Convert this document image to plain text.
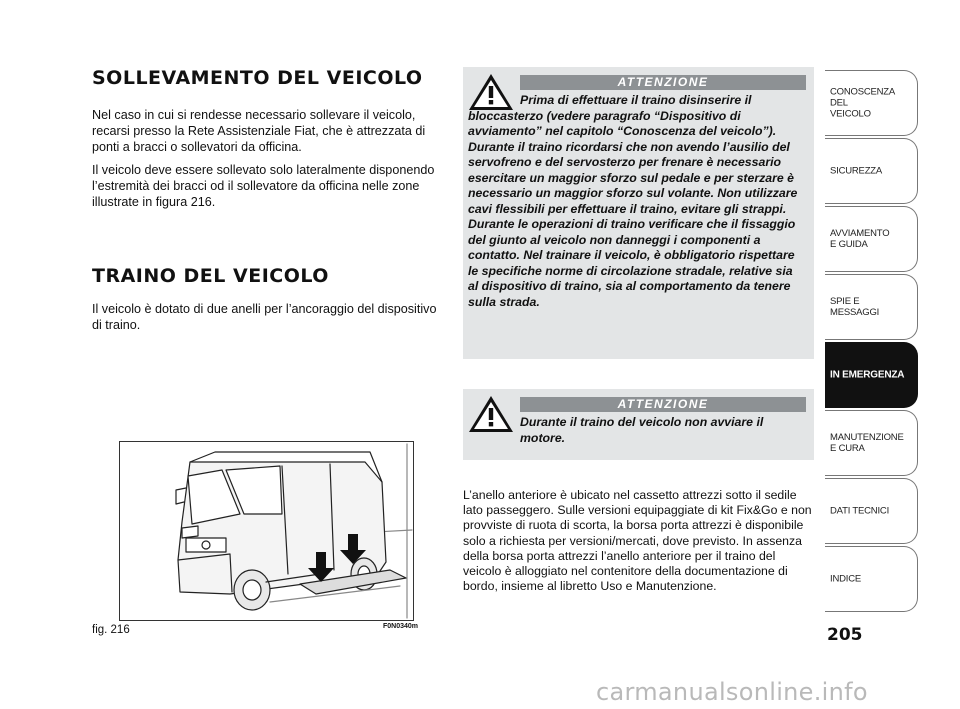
SOLLEVAMENTO DEL VEICOLO

Nel caso in cui si rendesse necessario sollevare il veicolo, recarsi presso la Rete Assistenziale Fiat, che è attrezzata di ponti a bracci o sollevatori da officina.

Il veicolo deve essere sollevato solo lateralmente disponendo l’estremità dei bracci od il sollevatore da officina nelle zone illustrate in figura 216.

TRAINO DEL VEICOLO

Il veicolo è dotato di due anelli per l’ancoraggio del dispositivo di traino.

ATTENZIONE

Prima di effettuare il traino disinserire il bloccasterzo (vedere paragrafo “Dispositivo di avviamento” nel capitolo “Conoscenza del veicolo”). Durante il traino ricordarsi che non avendo l’ausilio del servofreno e del servosterzo per frenare è necessario esercitare un maggior sforzo sul pedale e per sterzare è necessario un maggior sforzo sul volante. Non utilizzare cavi flessibili per effettuare il traino, evitare gli strappi. Durante le operazioni di traino verificare che il fissaggio del giunto al veicolo non danneggi i componenti a contatto. Nel trainare il veicolo, è obbligatorio rispettare le specifiche norme di circolazione stradale, relative sia al dispositivo di traino, sia al comportamento da tenere sulla strada.

ATTENZIONE

Durante il traino del veicolo non avviare il motore.

L’anello anteriore è ubicato nel cassetto attrezzi sotto il sedile lato passeggero. Sulle versioni equipaggiate di kit Fix&Go e non provviste di ruota di scorta, la borsa porta attrezzi è disponibile solo a richiesta per versioni/mercati, dove previsto. In assenza della borsa porta attrezzi l’anello anteriore per il traino del veicolo è alloggiato nel contenitore della documentazione di bordo, insieme al libretto Uso e Manutenzione.

fig. 216	F0N0340m	205

CONOSCENZA
DEL
VEICOLO
SICUREZZA
AVVIAMENTO
E GUIDA
SPIE E
MESSAGGI
IN EMERGENZA
MANUTENZIONE
E CURA
DATI TECNICI
INDICE

carmanualsonline.info
